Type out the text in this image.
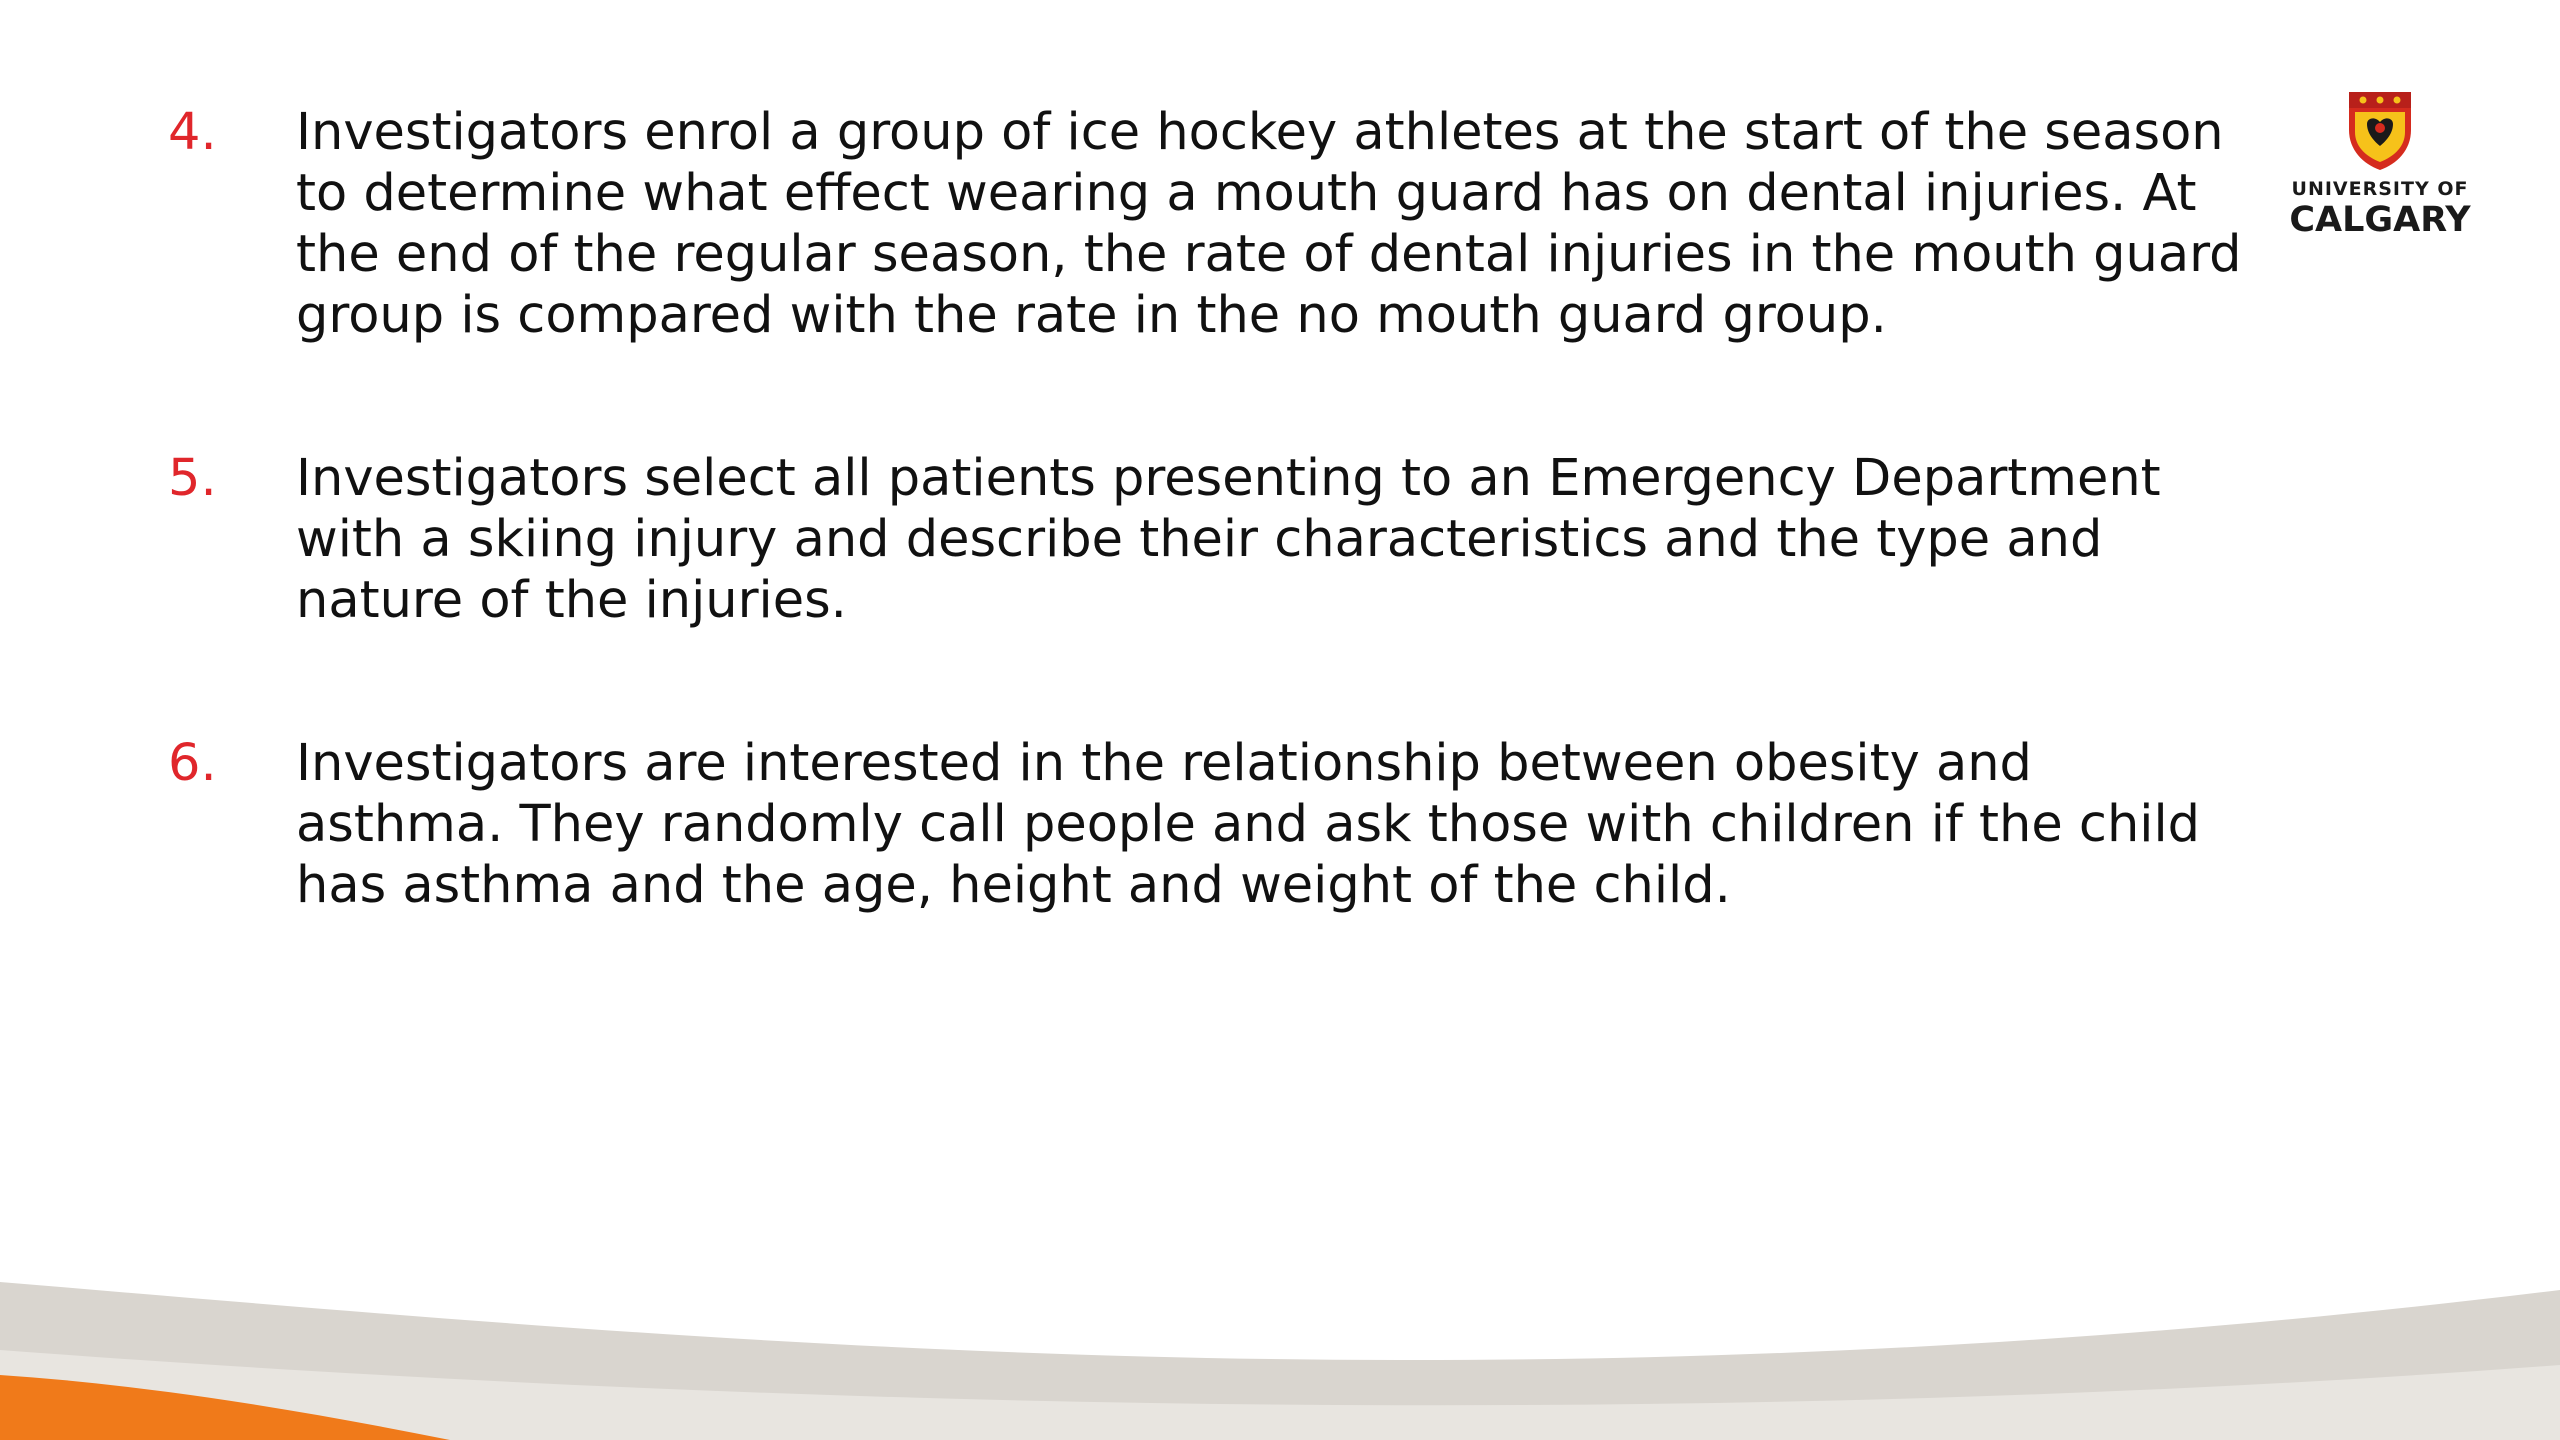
4.	Investigators enrol a group of ice hockey athletes at the start of the season to determine what effect wearing a mouth guard has on dental injuries. At the end of the regular season, the rate of dental injuries in the mouth guard group is compared with the rate in the no mouth guard group.
5.	Investigators select all patients presenting to an Emergency Department with a skiing injury and describe their characteristics and the type and nature of the injuries.
6.	Investigators are interested in the relationship between obesity and asthma. They randomly call people and ask those with children if the child has asthma and the age, height and weight of the child.
UNIVERSITY OF
CALGARY
